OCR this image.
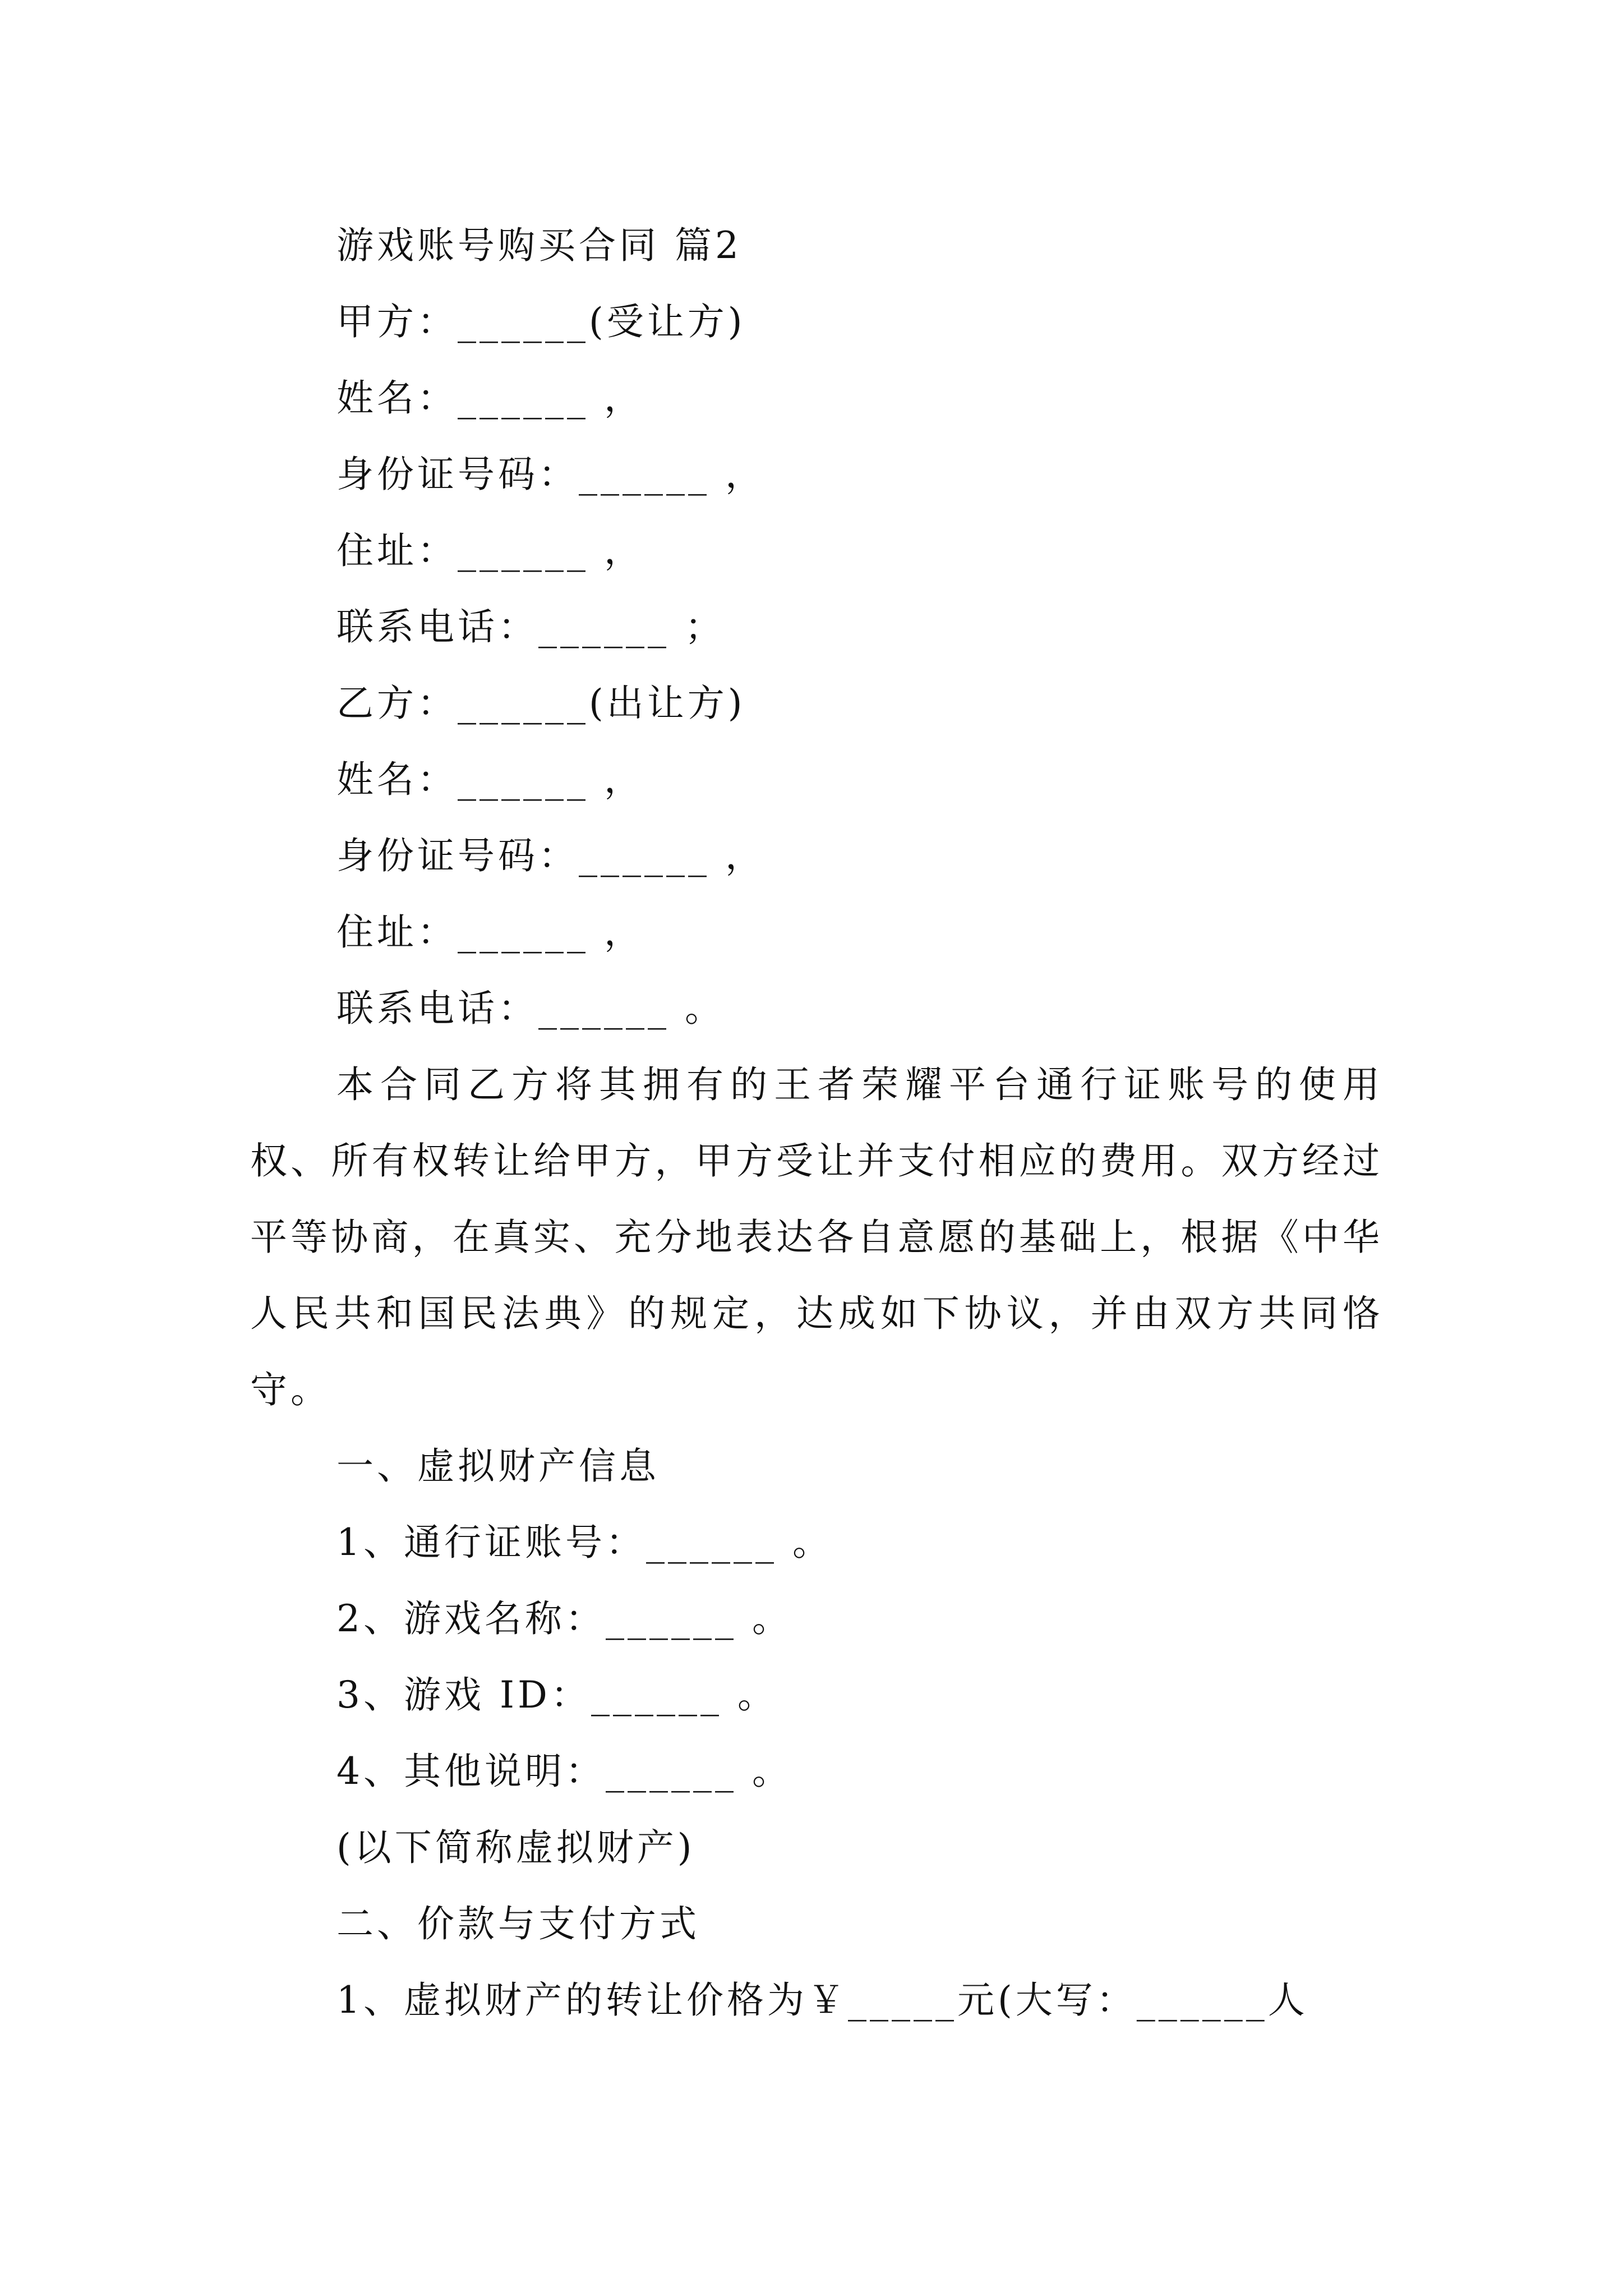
游戏账号购买合同 篇2
甲方：______(受让方)
姓名：______ ，
身份证号码：______ ，
住址：______ ，
联系电话：______ ；
乙方：______(出让方)
姓名：______ ，
身份证号码：______ ，
住址：______ ，
联系电话：______ 。
本合同乙方将其拥有的王者荣耀平台通行证账号的使用权、所有权转让给甲方，甲方受让并支付相应的费用。双方经过平等协商，在真实、充分地表达各自意愿的基础上，根据《中华人民共和国民法典》的规定，达成如下协议，并由双方共同恪守。
一、虚拟财产信息
1、通行证账号：______ 。
2、游戏名称：______ 。
3、游戏 ID：______ 。
4、其他说明：______ 。
(以下简称虚拟财产)
二、价款与支付方式
1、虚拟财产的转让价格为￥_____元(大写：______人
